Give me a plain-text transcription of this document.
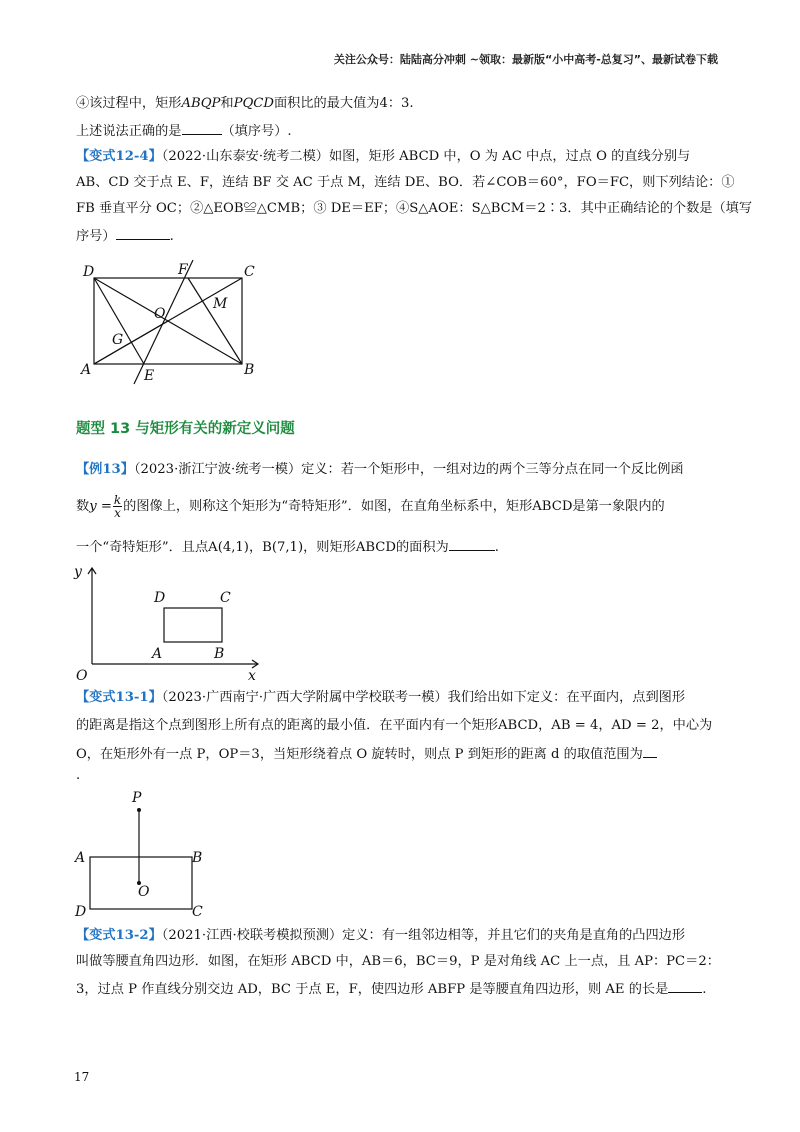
关注公众号：陆陆高分冲刺 ~领取：最新版“小中高考-总复习”、最新试卷下载
④该过程中，矩形ABQP和PQCD面积比的最大值为4：3.
上述说法正确的是	（填序号）.
【变式12-4】（2022·山东泰安·统考二模）如图，矩形 ABCD 中，O 为 AC 中点，过点 O 的直线分别与
AB、CD 交于点 E、F，连结 BF 交 AC 于点 M，连结 DE、BO．若∠COB＝60°，FO＝FC，则下列结论：①
FB 垂直平分 OC；②△EOB≌△CMB；③ DE＝EF；④S△AOE：S△BCM＝2∶3．其中正确结论的个数是（填写
序号）	.
D	F	C
M
O
G
A	E	B
题型 13 与矩形有关的新定义问题
【例13】（2023·浙江宁波·统考一模）定义：若一个矩形中，一组对边的两个三等分点在同一个反比例函
数$y = \frac{k}{x}$ 的图像上，则称这个矩形为“奇特矩形”．如图，在直角坐标系中，矩形ABCD是第一象限内的
一个“奇特矩形”．且点A(4,1)，B(7,1)，则矩形ABCD的面积为	.
y
D	C
A	B
O	x
【变式13-1】（2023·广西南宁·广西大学附属中学校联考一模）我们给出如下定义：在平面内，点到图形
的距离是指这个点到图形上所有点的距离的最小值．在平面内有一个矩形ABCD，AB = 4，AD = 2，中心为
O，在矩形外有一点 P，OP＝3，当矩形绕着点 O 旋转时，则点 P 到矩形的距离 d 的取值范围为
.
P
A	B
O
D	C
【变式13-2】（2021·江西·校联考模拟预测）定义：有一组邻边相等，并且它们的夹角是直角的凸四边形
叫做等腰直角四边形．如图，在矩形 ABCD 中，AB＝6，BC＝9，P 是对角线 AC 上一点，且 AP：PC＝2：
3，过点 P 作直线分别交边 AD，BC 于点 E，F，使四边形 ABFP 是等腰直角四边形，则 AE 的长是	.
17
